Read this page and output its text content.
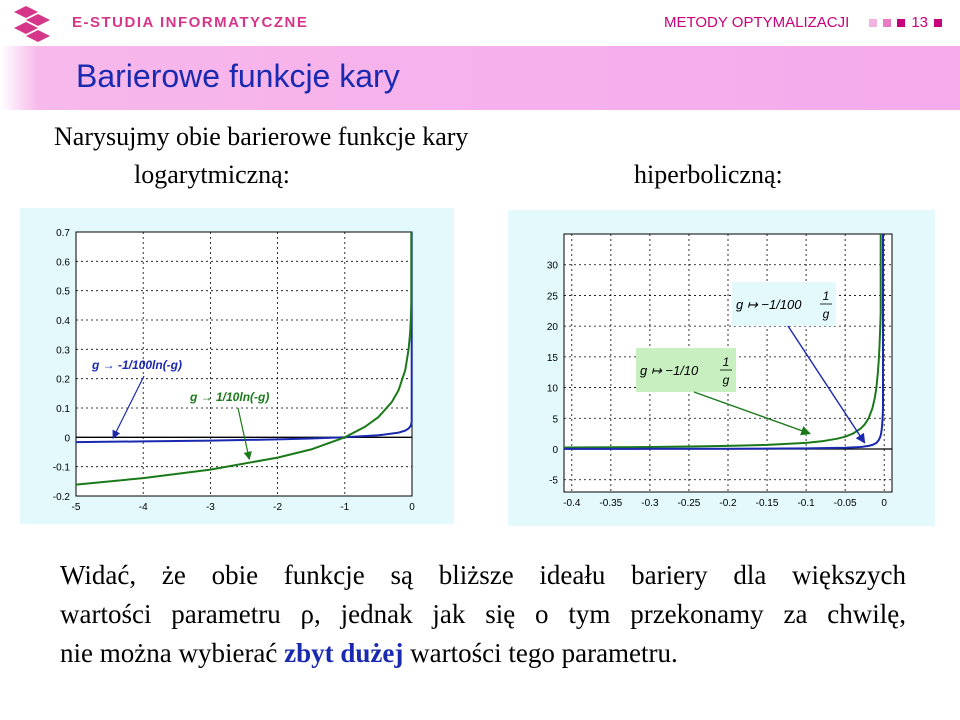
E-STUDIA INFORMATYCZNE	METODY OPTYMALIZACJI	13
Barierowe funkcje kary
Narysujmy obie barierowe funkcje kary
logarytmiczną:	hiperboliczną:
-5	-4	-3	-2	-1	0
-0.2
-0.1
0
0.1
0.2
0.3
0.4
0.5
0.6
0.7
g → -1/100ln(-g)
g → 1/10ln(-g)
-0.4 -0.35 -0.3 -0.25 -0.2 -0.15 -0.1 -0.05 0
-5
0
5
10
15
20
25
30
g ↦ −1/100
1
g
g ↦ −1/10
1
g
Widać, że obie funkcje są bliższe ideału bariery dla większych
wartości parametru ρ, jednak jak się o tym przekonamy za chwilę,
nie można wybierać zbyt dużej wartości tego parametru.
